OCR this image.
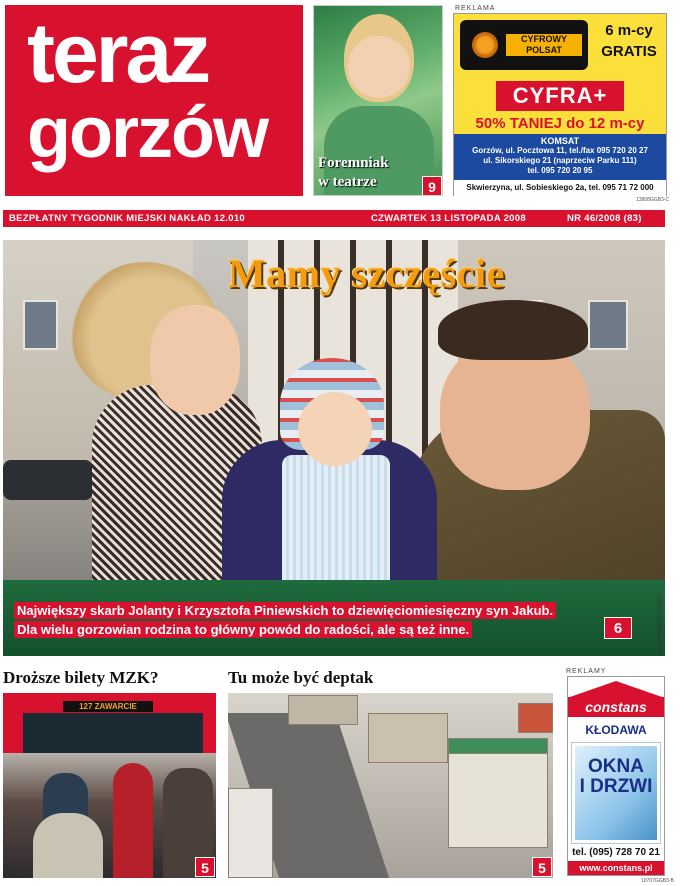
teraz
gorzów	Foremniak
w teatrze	9
REKLAMA
CYFROWY POLSAT
6 m-cy
GRATIS
CYFRA+
50% TANIEJ do 12 m-cy
KOMSAT
Gorzów, ul. Pocztowa 11, tel./fax 095 720 20 27
ul. Sikorskiego 21 (naprzeciw Parku 111)
tel. 095 720 20 95
Skwierzyna, ul. Sobieskiego 2a, tel. 095 71 72 000
13808GGB3-C
BEZPŁATNY TYGODNIK MIEJSKI NAKŁAD 12.010	CZWARTEK 13 LISTOPADA 2008	NR 46/2008 (83)
Mamy szczęście
Największy skarb Jolanty i Krzysztofa Piniewskich to dziewięciomiesięczny syn Jakub.
Dla wielu gorzowian rodzina to główny powód do radości, ale są też inne.	6	FOT. KAZIMIERZ LIGOCKI
Droższe bilety MZK?
127 ZAWARCIE
5
Tu może być deptak
5
REKLAMY
constans
KŁODAWA
OKNA
I DRZWI
tel. (095) 728 70 21
www.constans.pl
10707GGB3-B
